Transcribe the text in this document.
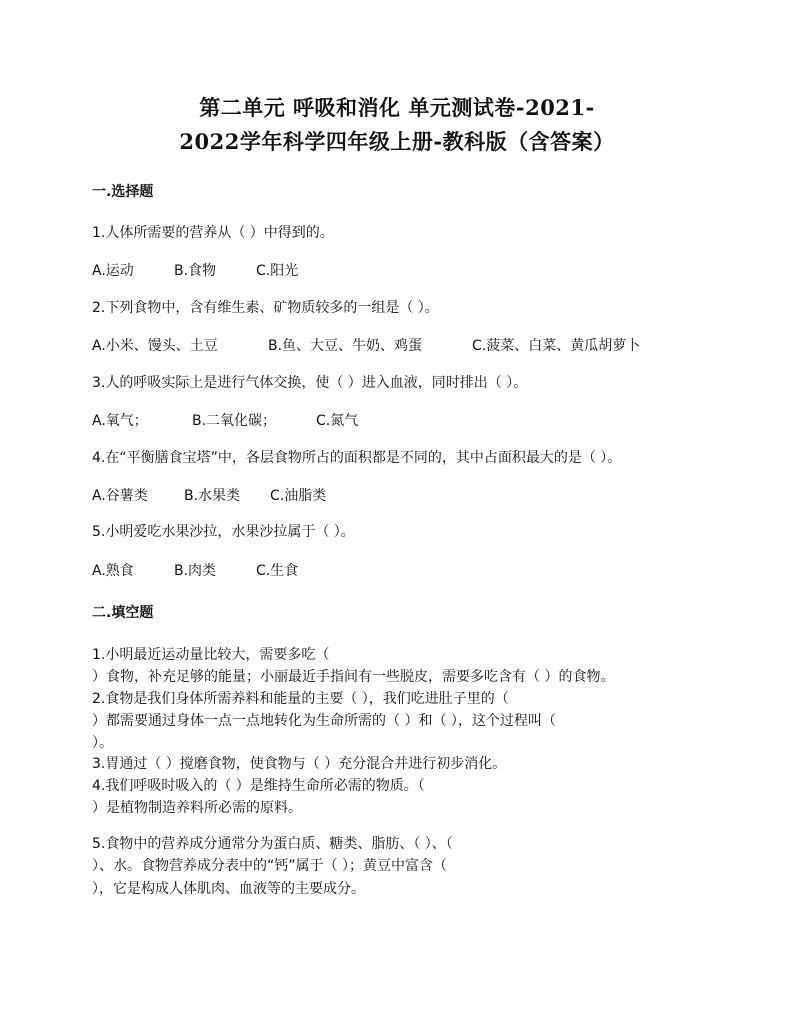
第二单元 呼吸和消化 单元测试卷-2021-
2022学年科学四年级上册-教科版（含答案）
一.选择题
1.人体所需要的营养从（ ）中得到的。
A.运动	B.食物	C.阳光
2.下列食物中，含有维生素、矿物质较多的一组是（ ）。
A.小米、馒头、土豆	B.鱼、大豆、牛奶、鸡蛋	C.菠菜、白菜、黄瓜胡萝卜
3.人的呼吸实际上是进行气体交换，使（ ）进入血液，同时排出（ ）。
A.氧气；	B.二氧化碳；	C.氮气
4.在“平衡膳食宝塔”中，各层食物所占的面积都是不同的，其中占面积最大的是（ ）。
A.谷薯类	B.水果类 C.油脂类
5.小明爱吃水果沙拉，水果沙拉属于（ ）。
A.熟食	B.肉类	C.生食
二.填空题
1.小明最近运动量比较大，需要多吃（
）食物，补充足够的能量；小丽最近手指间有一些脱皮，需要多吃含有（ ）的食物。
2.食物是我们身体所需养料和能量的主要（ ），我们吃进肚子里的（
）都需要通过身体一点一点地转化为生命所需的（ ）和（ ），这个过程叫（
）。
3.胃通过（ ）搅磨食物，使食物与（ ）充分混合并进行初步消化。
4.我们呼吸时吸入的（ ）是维持生命所必需的物质。（
）是植物制造养料所必需的原料。
5.食物中的营养成分通常分为蛋白质、糖类、脂肪、（ ）、（
）、水。食物营养成分表中的“钙”属于（ ）；黄豆中富含（
），它是构成人体肌肉、血液等的主要成分。
